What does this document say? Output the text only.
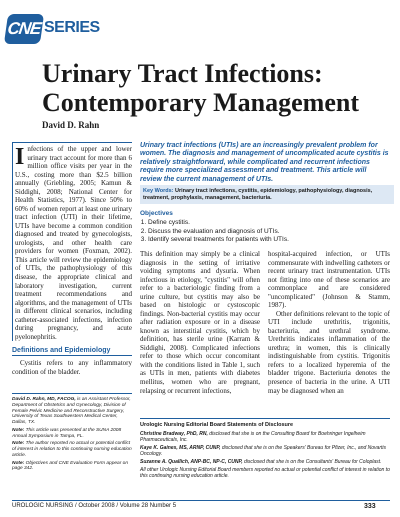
CNE SERIES
Urinary Tract Infections: Contemporary Management
David D. Rahn

Infections of the upper and lower urinary tract account for more than 6 million office visits per year in the U.S., costing more than $2.5 billion annually (Griebling, 2005; Kamun & Siddighi, 2008; National Center for Health Statistics, 1977). Since 50% to 60% of women report at least one urinary tract infection (UTI) in their lifetime, UTIs have become a common condition diagnosed and treated by gynecologists, urologists, and other health care providers for women (Foxman, 2002). This article will review the epidemiology of UTIs, the pathophysiology of this disease, the appropriate clinical and laboratory investigation, current treatment recommendations and algorithms, and the management of UTIs in different clinical scenarios, including catheter-associated infections, infection during pregnancy, and acute pyelonephritis.

Definitions and Epidemiology

Cystitis refers to any inflammatory condition of the bladder.

David D. Rahn, MD, FACOG, is an Assistant Professor, Department of Obstetrics and Gynecology, Division of Female Pelvic Medicine and Reconstructive Surgery, University of Texas Southwestern Medical Center, Dallas, TX.

Note: This article was presented at the SUNA 2008 Annual Symposium in Tampa, FL.

Note: The author reported no actual or potential conflict of interest in relation to this continuing nursing education article.

Note: Objectives and CNE Evaluation Form appear on page 342.

Urinary tract infections (UTIs) are an increasingly prevalent problem for women. The diagnosis and management of uncomplicated acute cystitis is relatively straightforward, while complicated and recurrent infections require more specialized assessment and treatment. This article will review the current management of UTIs.
Key Words: Urinary tract infections, cystitis, epidemiology, pathophysiology, diagnosis, treatment, prophylaxis, management, bacteriuria.
Objectives
1. Define cystitis.
2. Discuss the evaluation and diagnosis of UTIs.
3. Identify several treatments for patients with UTIs.

This definition may simply be a clinical diagnosis in the setting of irritative voiding symptoms and dysuria. When infectious in etiology, "cystitis" will often refer to a bacteriologic finding from a urine culture, but cystitis may also be based on histologic or cystoscopic findings. Non-bacterial cystitis may occur after radiation exposure or in a disease known as interstitial cystitis, which by definition, has sterile urine (Karram & Siddighi, 2008). Complicated infections refer to those which occur concomitant with the conditions listed in Table 1, such as UTIs in men, patients with diabetes mellitus, women who are pregnant, relapsing or recurrent infections,

hospital-acquired infection, or UTIs commensurate with indwelling catheters or recent urinary tract instrumentation. UTIs not fitting into one of these scenarios are commonplace and are considered "uncomplicated" (Johnson & Stamm, 1987).

Other definitions relevant to the topic of UTI include urethritis, trigonitis, bacteriuria, and urethral syndrome. Urethritis indicates inflammation of the urethra; in women, this is clinically indistinguishable from cystitis. Trigonitis refers to a localized hyperemia of the bladder trigone. Bacteriuria denotes the presence of bacteria in the urine. A UTI may be diagnosed when an

Urologic Nursing Editorial Board Statements of Disclosure

Christine Bradway, PhD, RN, disclosed that she is on the Consulting Board for Boehringer Ingelheim Pharmaceuticals, Inc.

Kaye K. Gaines, MS, ARNP, CUNP, disclosed that she is on the Speakers' Bureau for Pfizer, Inc., and Novartis Oncology.

Suzanne A. Quallich, ANP-BC, NP-C, CUNP, disclosed that she is on the Consultants' Bureau for Coloplast.

All other Urologic Nursing Editorial Board members reported no actual or potential conflict of interest in relation to this continuing nursing education article.

UROLOGIC NURSING / October 2008 / Volume 28 Number 5	333
